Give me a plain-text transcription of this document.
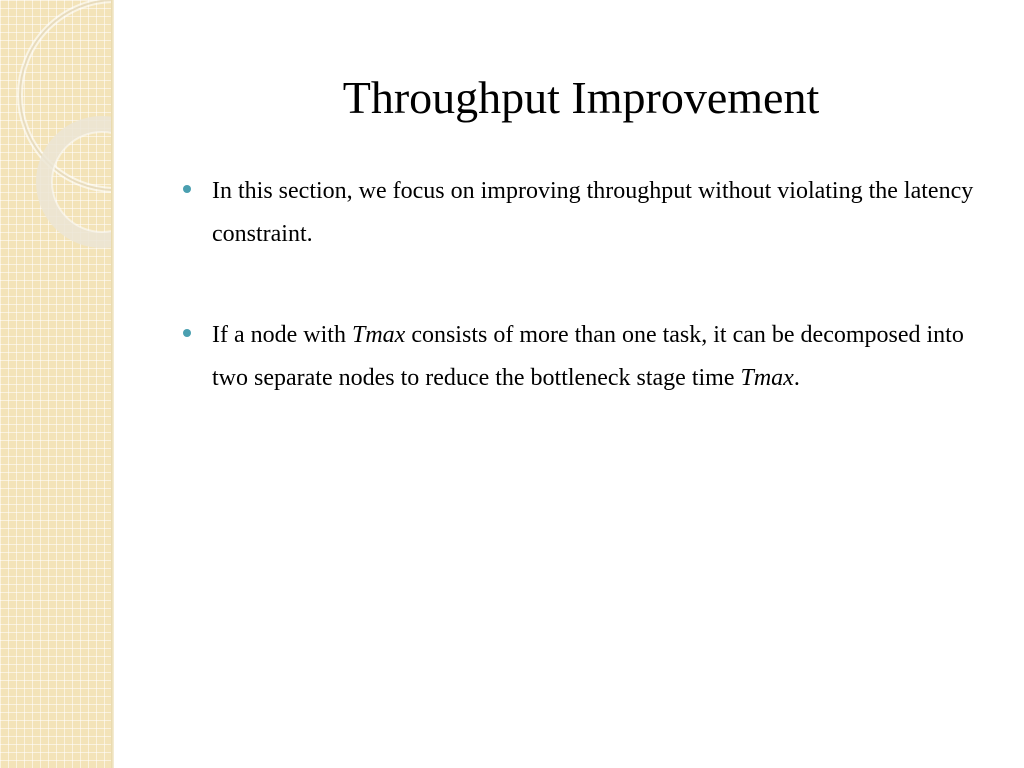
Throughput Improvement
In this section, we focus on improving throughput without violating the latency constraint.
If a node with Tmax consists of more than one task, it can be decomposed into two separate nodes to reduce the bottleneck stage time Tmax.
